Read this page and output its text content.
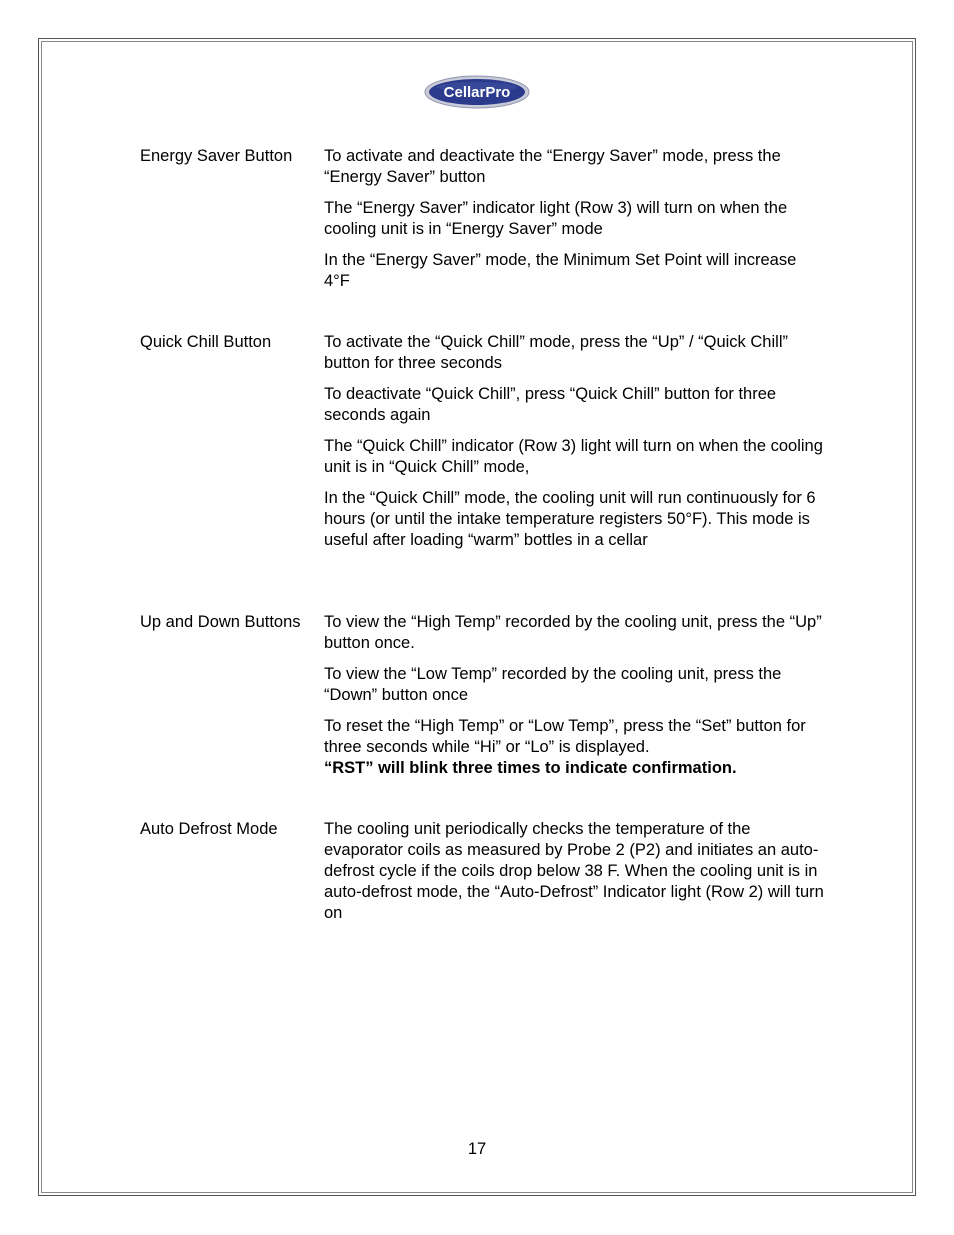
CellarPro
Energy Saver Button	To activate and deactivate the “Energy Saver” mode, press the “Energy Saver” button

The “Energy Saver” indicator light (Row 3) will turn on when the cooling unit is in “Energy Saver” mode

In the “Energy Saver” mode, the Minimum Set Point will increase 4°F

Quick Chill Button	To activate the “Quick Chill” mode, press the “Up” / “Quick Chill” button for three seconds

To deactivate “Quick Chill”, press “Quick Chill” button for three seconds again

The “Quick Chill” indicator (Row 3) light will turn on when the cooling unit is in “Quick Chill” mode,

In the “Quick Chill” mode, the cooling unit will run continuously for 6 hours (or until the intake temperature registers 50°F). This mode is useful after loading “warm” bottles in a cellar

Up and Down Buttons	To view the “High Temp” recorded by the cooling unit, press the “Up” button once.

To view the “Low Temp” recorded by the cooling unit, press the “Down” button once

To reset the “High Temp” or “Low Temp”, press the “Set” button for three seconds while “Hi” or “Lo” is displayed.
“RST” will blink three times to indicate confirmation.

Auto Defrost Mode	The cooling unit periodically checks the temperature of the evaporator coils as measured by Probe 2 (P2) and initiates an auto-defrost cycle if the coils drop below 38 F. When the cooling unit is in auto-defrost mode, the “Auto-Defrost” Indicator light (Row 2) will turn on

17
